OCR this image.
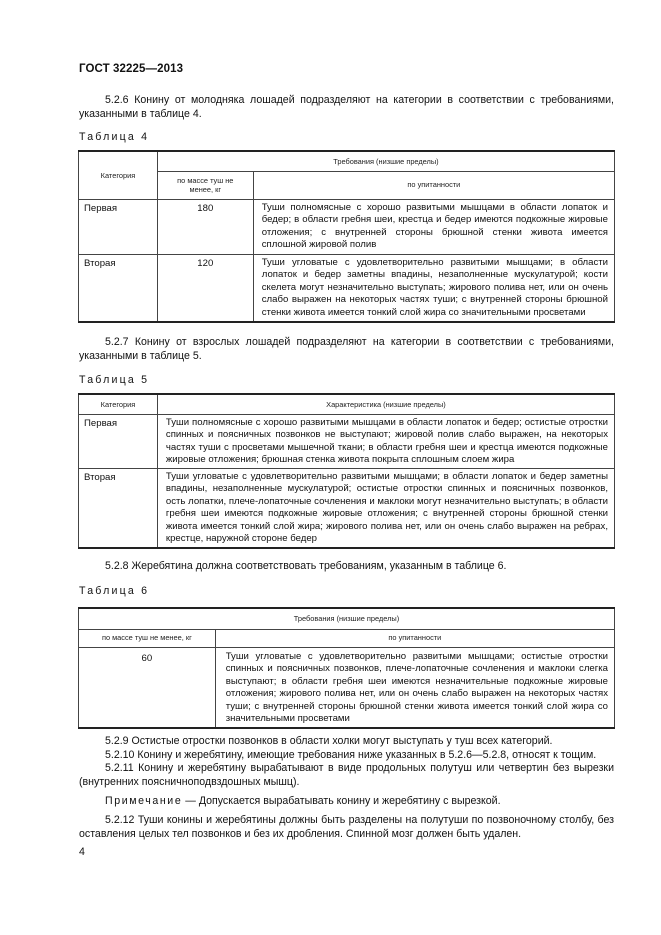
ГОСТ 32225—2013
5.2.6 Конину от молодняка лошадей подразделяют на категории в соответствии с требованиями, указанными в таблице 4.
Таблица 4
Категория	Требования (низшие пределы)	
	по массе туш не менее, кг	по упитанности
Первая	180	Туши полномясные с хорошо развитыми мышцами в области лопаток и бедер; в области гребня шеи, крестца и бедер имеются подкожные жировые отложения; с внутренней стороны брюшной стенки живота имеется сплошной жировой полив
Вторая	120	Туши угловатые с удовлетворительно развитыми мышцами; в области лопаток и бедер заметны впадины, незаполненные мускулатурой; кости скелета могут незначительно выступать; жирового полива нет, или он очень слабо выражен на некоторых частях туши; с внутренней стороны брюшной стенки живота имеется тонкий слой жира со значительными просветами
5.2.7 Конину от взрослых лошадей подразделяют на категории в соответствии с требованиями, указанными в таблице 5.
Таблица 5
Категория	Характеристика (низшие пределы)
Первая	Туши полномясные с хорошо развитыми мышцами в области лопаток и бедер; остистые отростки спинных и поясничных позвонков не выступают; жировой полив слабо выражен, на некоторых частях туши с просветами мышечной ткани; в области гребня шеи и крестца имеются подкожные жировые отложения; брюшная стенка живота покрыта сплошным слоем жира
Вторая	Туши угловатые с удовлетворительно развитыми мышцами; в области лопаток и бедер заметны впадины, незаполненные мускулатурой; остистые отростки спинных и поясничных позвонков, ость лопатки, плече-лопаточные сочленения и маклоки могут незначительно выступать; в области гребня шеи имеются подкожные жировые отложения; с внутренней стороны брюшной стенки живота имеется тонкий слой жира; жирового полива нет, или он очень слабо выражен на ребрах, крестце, наружной стороне бедер
5.2.8 Жеребятина должна соответствовать требованиям, указанным в таблице 6.
Таблица 6
Требования (низшие пределы)	
по массе туш не менее, кг	по упитанности
60	Туши угловатые с удовлетворительно развитыми мышцами; остистые отростки спинных и поясничных позвонков, плече-лопаточные сочленения и маклоки слегка выступают; в области гребня шеи имеются незначительные подкожные жировые отложения; жирового полива нет, или он очень слабо выражен на некоторых частях туши; с внутренней стороны брюшной стенки живота имеется тонкий слой жира со значительными просветами
5.2.9 Остистые отростки позвонков в области холки могут выступать у туш всех категорий.
5.2.10 Конину и жеребятину, имеющие требования ниже указанных в 5.2.6—5.2.8, относят к тощим.
5.2.11 Конину и жеребятину вырабатывают в виде продольных полутуш или четвертин без вырезки (внутренних поясничноподвздошных мышц).
Примечание — Допускается вырабатывать конину и жеребятину с вырезкой.
5.2.12 Туши конины и жеребятины должны быть разделены на полутуши по позвоночному столбу, без оставления целых тел позвонков и без их дробления. Спинной мозг должен быть удален.
4
